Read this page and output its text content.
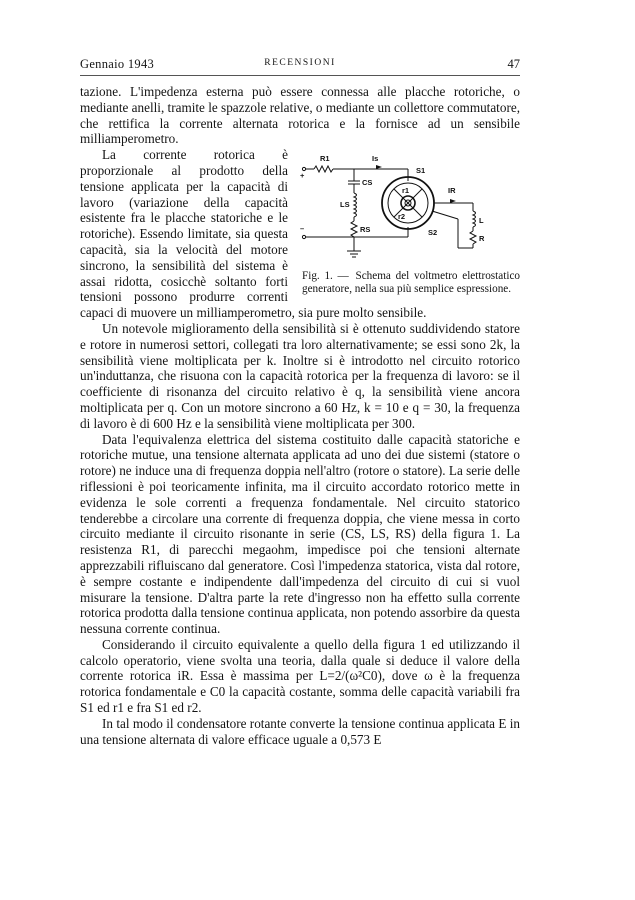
Gennaio 1943	RECENSIONI	47

tazione. L'impedenza esterna può essere connessa alle placche rotoriche, o mediante anelli, tramite le spazzole relative, o mediante un collettore commutatore, che rettifica la corrente alternata rotorica e la fornisce ad un sensibile milliamperometro.

R1	Is
S1
IR
CS
LS
RS
r1
r2
S2
L
R
+
–
Fig. 1. — Schema del voltmetro elettrostatico generatore, nella sua più semplice espressione.

La corrente rotorica è proporzionale al prodotto della tensione applicata per la capacità di lavoro (variazione della capacità esistente fra le placche statoriche e le rotoriche). Essendo limitate, sia questa capacità, sia la velocità del motore sincrono, la sensibilità del sistema è assai ridotta, cosicchè soltanto forti tensioni possono produrre correnti capaci di muovere un milliamperometro, sia pure molto sensibile.

Un notevole miglioramento della sensibilità si è ottenuto suddividendo statore e rotore in numerosi settori, collegati tra loro alternativamente; se essi sono 2k, la sensibilità viene moltiplicata per k. Inoltre si è introdotto nel circuito rotorico un'induttanza, che risuona con la capacità rotorica per la frequenza di lavoro: se il coefficiente di risonanza del circuito relativo è q, la sensibilità viene ancora moltiplicata per q. Con un motore sincrono a 60 Hz, k = 10 e q = 30, la frequenza di lavoro è di 600 Hz e la sensibilità viene moltiplicata per 300.

Data l'equivalenza elettrica del sistema costituito dalle capacità statoriche e rotoriche mutue, una tensione alternata applicata ad uno dei due sistemi (statore o rotore) ne induce una di frequenza doppia nell'altro (rotore o statore). La serie delle riflessioni è poi teoricamente infinita, ma il circuito accordato rotorico mette in evidenza le sole correnti a frequenza fondamentale. Nel circuito statorico tenderebbe a circolare una corrente di frequenza doppia, che viene messa in corto circuito mediante il circuito risonante in serie (CS, LS, RS) della figura 1. La resistenza R1, di parecchi megaohm, impedisce poi che tensioni alternate apprezzabili rifluiscano dal generatore. Così l'impedenza statorica, vista dal rotore, è sempre costante e indipendente dall'impedenza del circuito di cui si vuol misurare la tensione. D'altra parte la rete d'ingresso non ha effetto sulla corrente rotorica prodotta dalla tensione continua applicata, non potendo assorbire da questa nessuna corrente continua.

Considerando il circuito equivalente a quello della figura 1 ed utilizzando il calcolo operatorio, viene svolta una teoria, dalla quale si deduce il valore della corrente rotorica iR. Essa è massima per L=2/(ω²C0), dove ω è la frequenza rotorica fondamentale e C0 la capacità costante, somma delle capacità variabili fra S1 ed r1 e fra S1 ed r2.

In tal modo il condensatore rotante converte la tensione continua applicata E in una tensione alternata di valore efficace uguale a 0,573 E
